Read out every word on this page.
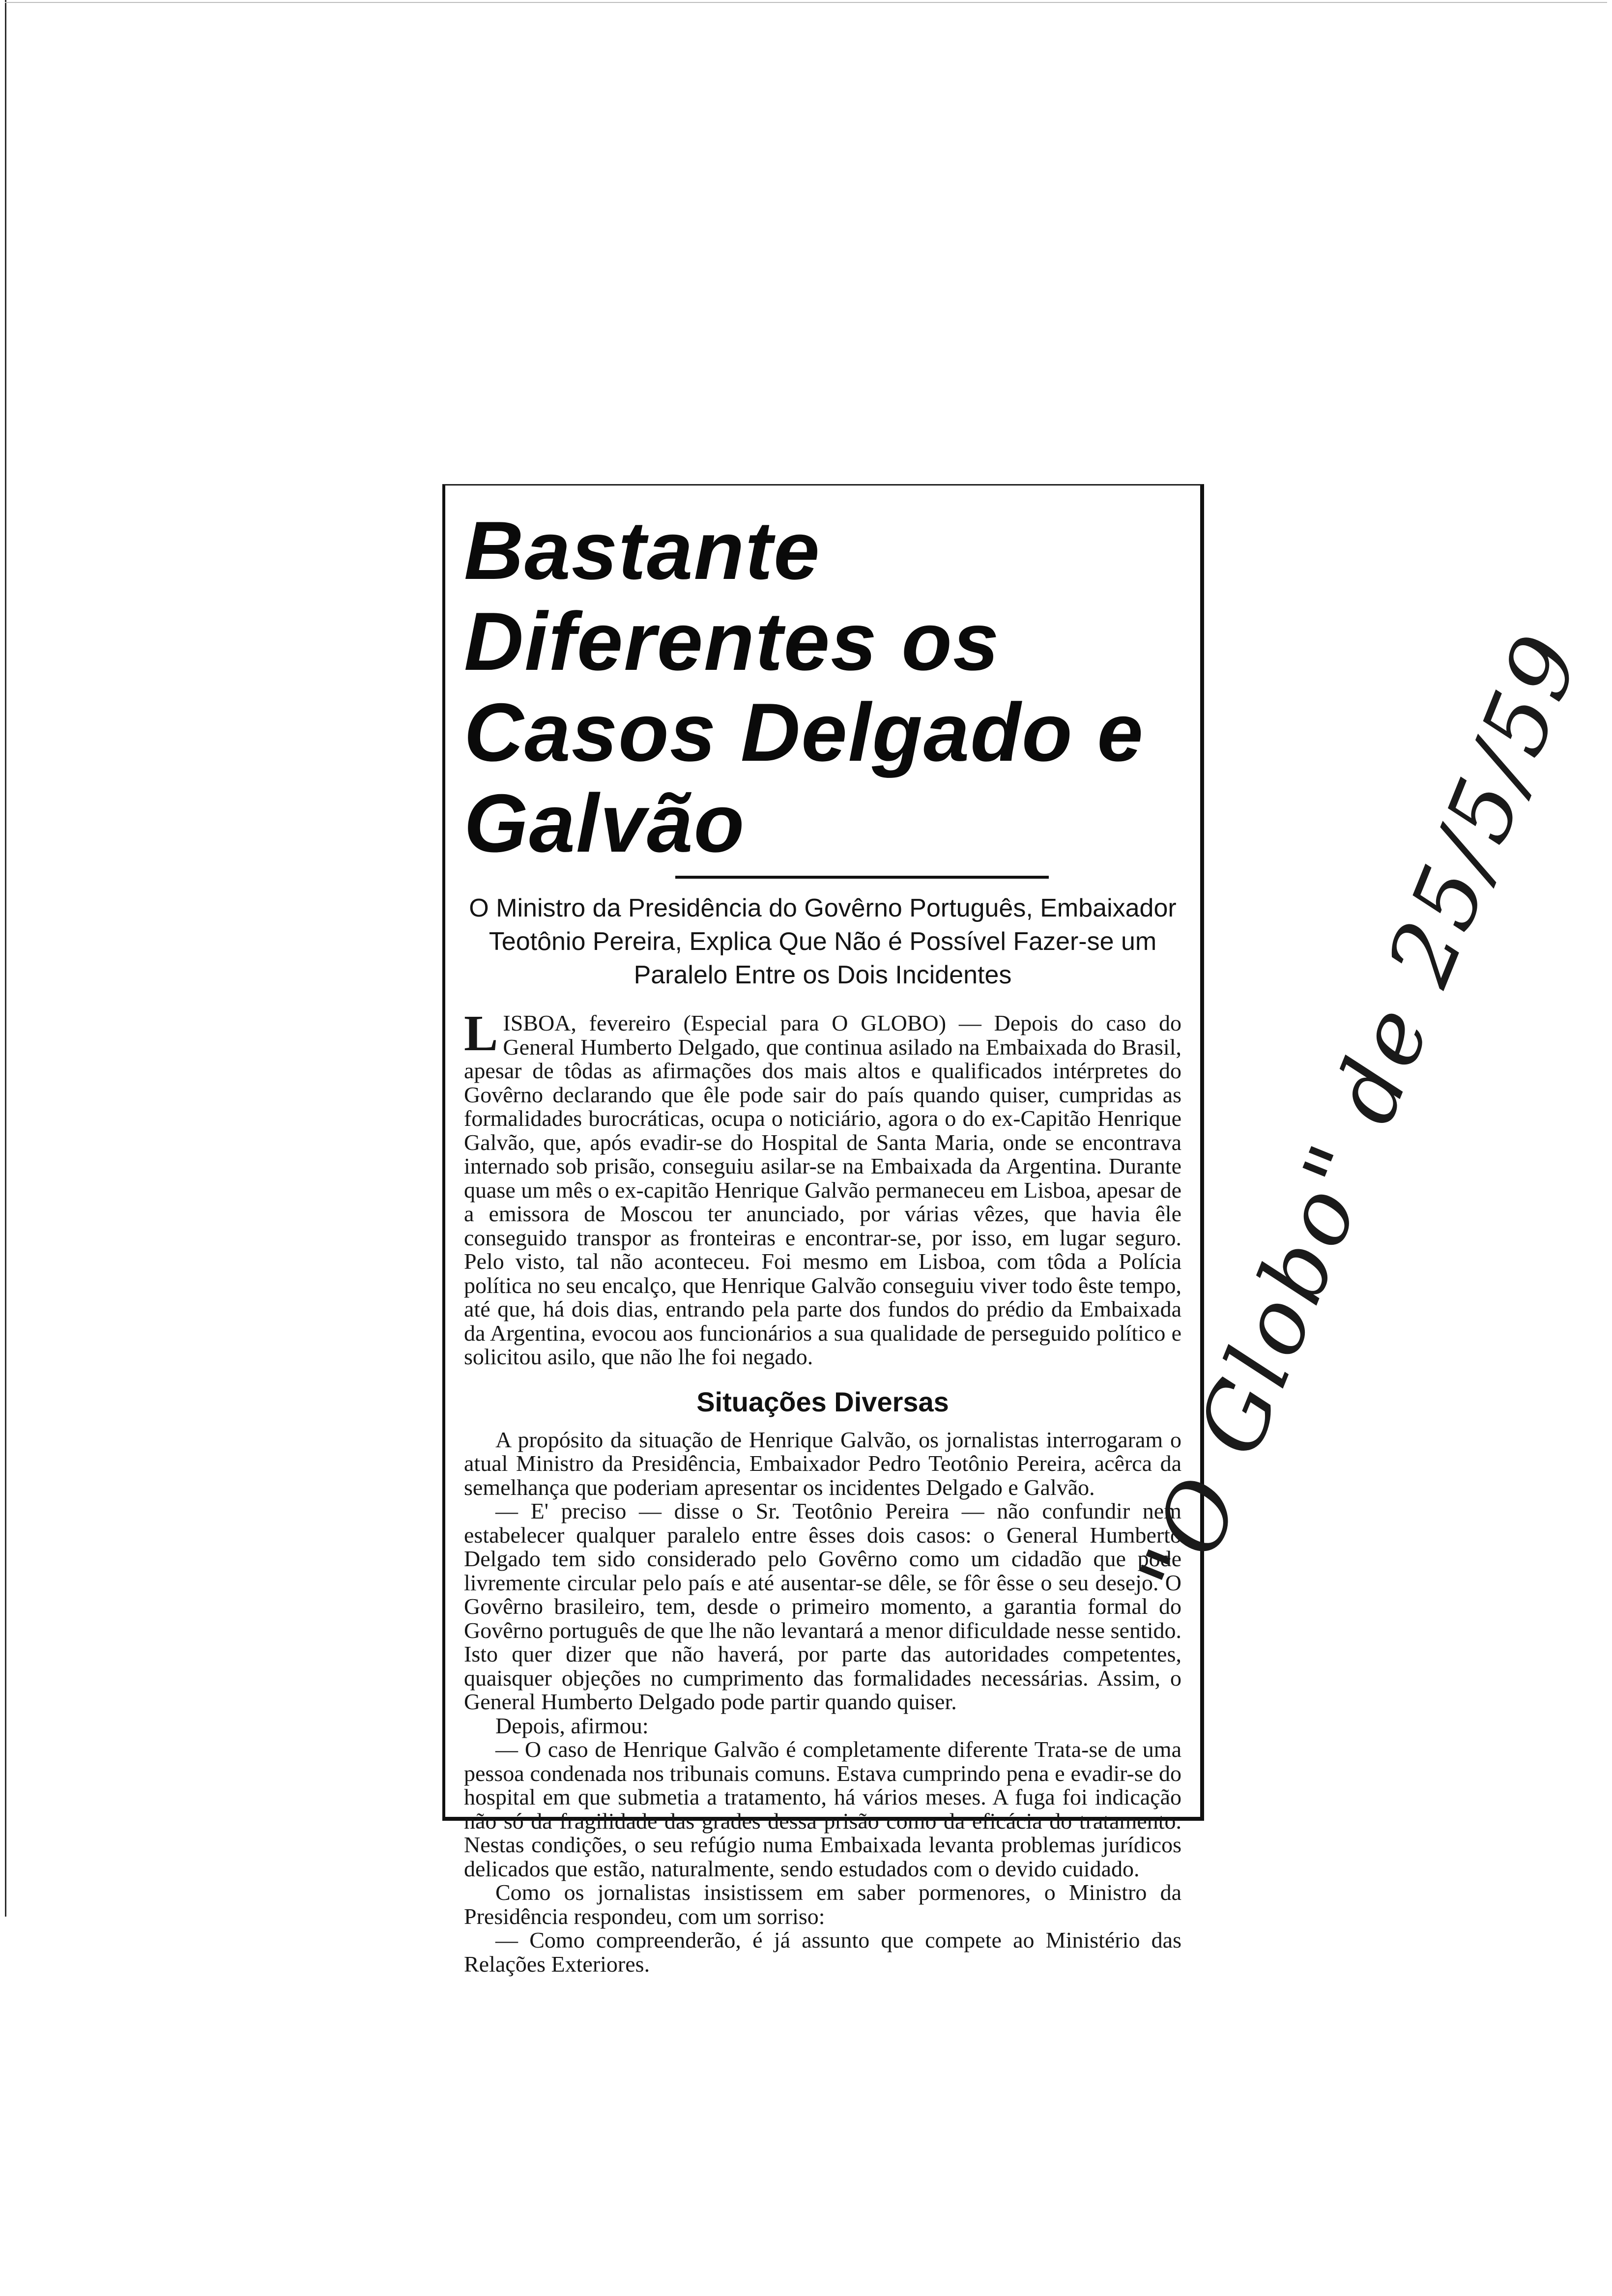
Bastante Diferentes os
Casos Delgado e Galvão

O Ministro da Presidência do Govêrno Português, Embaixador Teotônio Pereira, Explica Que Não é Possível Fazer-se um Paralelo Entre os Dois Incidentes

LISBOA, fevereiro (Especial para O GLOBO) — Depois do caso do General Humberto Delgado, que continua asilado na Embaixada do Brasil, apesar de tôdas as afirmações dos mais altos e qualificados intérpretes do Govêrno declarando que êle pode sair do país quando quiser, cumpridas as formalidades burocráticas, ocupa o noticiário, agora o do ex-Capitão Henrique Galvão, que, após evadir-se do Hospital de Santa Maria, onde se encontrava internado sob prisão, conseguiu asilar-se na Embaixada da Argentina. Durante quase um mês o ex-capitão Henrique Galvão permaneceu em Lisboa, apesar de a emissora de Moscou ter anunciado, por várias vêzes, que havia êle conseguido transpor as fronteiras e encontrar-se, por isso, em lugar seguro. Pelo visto, tal não aconteceu. Foi mesmo em Lisboa, com tôda a Polícia política no seu encalço, que Henrique Galvão conseguiu viver todo êste tempo, até que, há dois dias, entrando pela parte dos fundos do prédio da Embaixada da Argentina, evocou aos funcionários a sua qualidade de perseguido político e solicitou asilo, que não lhe foi negado.

Situações Diversas

A propósito da situação de Henrique Galvão, os jornalistas interrogaram o atual Ministro da Presidência, Embaixador Pedro Teotônio Pereira, acêrca da semelhança que poderiam apresentar os incidentes Delgado e Galvão.

— E' preciso — disse o Sr. Teotônio Pereira — não confundir nem estabelecer qualquer paralelo entre êsses dois casos: o General Humberto Delgado tem sido considerado pelo Govêrno como um cidadão que pode livremente circular pelo país e até ausentar-se dêle, se fôr êsse o seu desejo. O Govêrno brasileiro, tem, desde o primeiro momento, a garantia formal do Govêrno português de que lhe não levantará a menor dificuldade nesse sentido. Isto quer dizer que não haverá, por parte das autoridades competentes, quaisquer objeções no cumprimento das formalidades necessárias. Assim, o General Humberto Delgado pode partir quando quiser.

Depois, afirmou:

— O caso de Henrique Galvão é completamente diferente Trata-se de uma pessoa condenada nos tribunais comuns. Estava cumprindo pena e evadir-se do hospital em que submetia a tratamento, há vários meses. A fuga foi indicação não só da fragilidade das grades dessa prisão como da eficácia do tratamento. Nestas condições, o seu refúgio numa Embaixada levanta problemas jurídicos delicados que estão, naturalmente, sendo estudados com o devido cuidado.

Como os jornalistas insistissem em saber pormenores, o Ministro da Presidência respondeu, com um sorriso:

— Como compreenderão, é já assunto que compete ao Ministério das Relações Exteriores.

"O Globo" de 25/5/59
